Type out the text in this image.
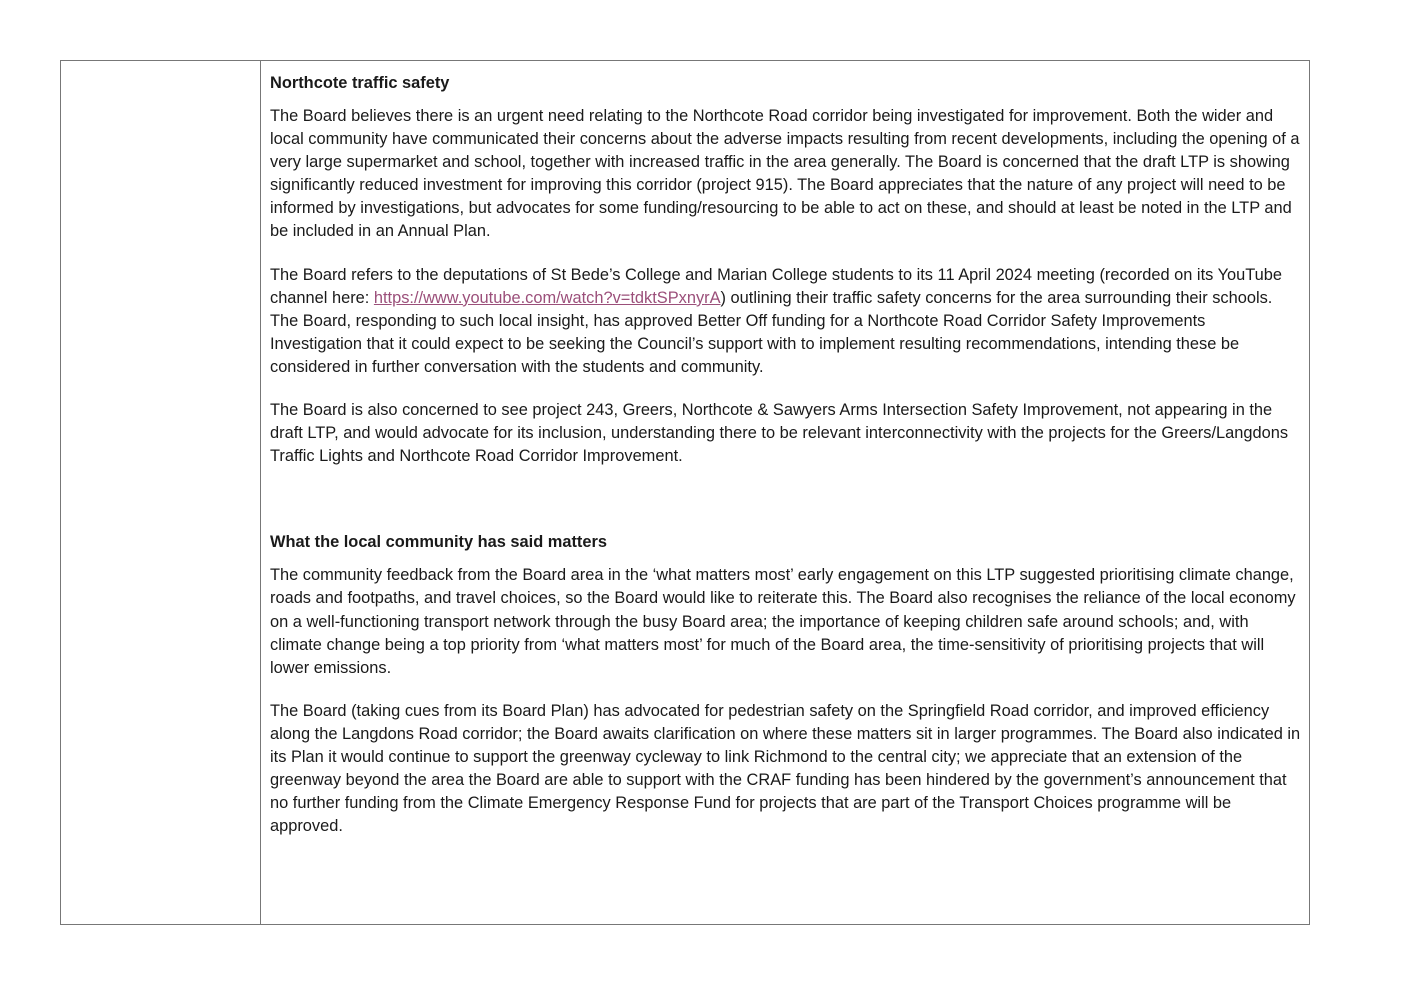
Northcote traffic safety

The Board believes there is an urgent need relating to the Northcote Road corridor being investigated for improvement. Both the wider and local community have communicated their concerns about the adverse impacts resulting from recent developments, including the opening of a very large supermarket and school, together with increased traffic in the area generally. The Board is concerned that the draft LTP is showing significantly reduced investment for improving this corridor (project 915). The Board appreciates that the nature of any project will need to be informed by investigations, but advocates for some funding/resourcing to be able to act on these, and should at least be noted in the LTP and be included in an Annual Plan.

The Board refers to the deputations of St Bede’s College and Marian College students to its 11 April 2024 meeting (recorded on its YouTube channel here: https://www.youtube.com/watch?v=tdktSPxnyrA) outlining their traffic safety concerns for the area surrounding their schools. The Board, responding to such local insight, has approved Better Off funding for a Northcote Road Corridor Safety Improvements Investigation that it could expect to be seeking the Council’s support with to implement resulting recommendations, intending these be considered in further conversation with the students and community.

The Board is also concerned to see project 243, Greers, Northcote & Sawyers Arms Intersection Safety Improvement, not appearing in the draft LTP, and would advocate for its inclusion, understanding there to be relevant interconnectivity with the projects for the Greers/Langdons Traffic Lights and Northcote Road Corridor Improvement.

What the local community has said matters

The community feedback from the Board area in the ‘what matters most’ early engagement on this LTP suggested prioritising climate change, roads and footpaths, and travel choices, so the Board would like to reiterate this. The Board also recognises the reliance of the local economy on a well-functioning transport network through the busy Board area; the importance of keeping children safe around schools; and, with climate change being a top priority from ‘what matters most’ for much of the Board area, the time-sensitivity of prioritising projects that will lower emissions.

The Board (taking cues from its Board Plan) has advocated for pedestrian safety on the Springfield Road corridor, and improved efficiency along the Langdons Road corridor; the Board awaits clarification on where these matters sit in larger programmes. The Board also indicated in its Plan it would continue to support the greenway cycleway to link Richmond to the central city; we appreciate that an extension of the greenway beyond the area the Board are able to support with the CRAF funding has been hindered by the government’s announcement that no further funding from the Climate Emergency Response Fund for projects that are part of the Transport Choices programme will be approved.
